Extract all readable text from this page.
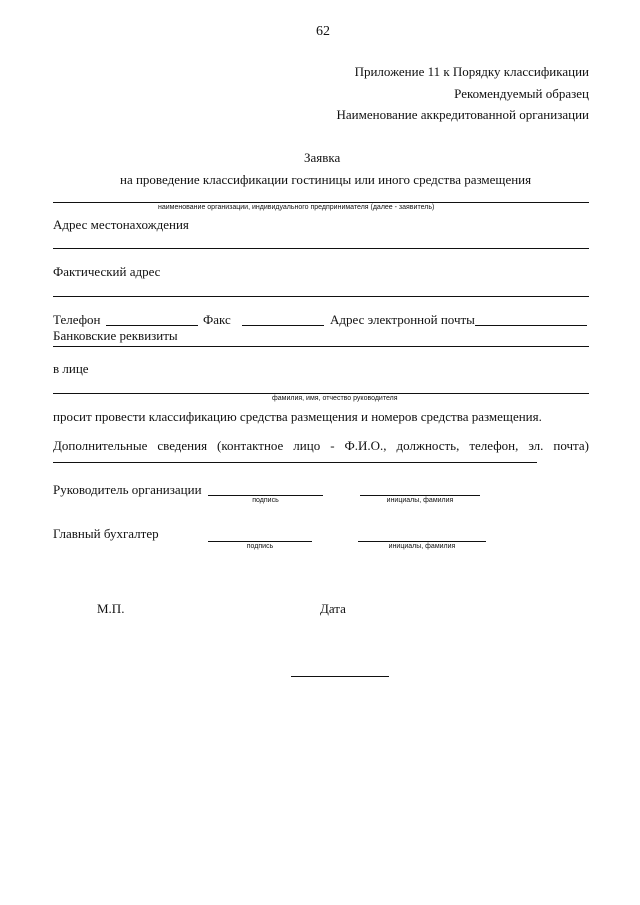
62
Приложение 11 к Порядку классификации
Рекомендуемый образец
Наименование аккредитованной организации
Заявка
на проведение классификации гостиницы или иного средства размещения
наименование организации, индивидуального предпринимателя (далее - заявитель)
Адрес местонахождения
Фактический адрес
Телефон	Факс	Адрес электронной почты
Банковские реквизиты
в лице
фамилия, имя, отчество руководителя
просит провести классификацию средства размещения и номеров средства размещения.
Дополнительные сведения (контактное лицо - Ф.И.О., должность, телефон, эл. почта)
Руководитель организации
подпись	инициалы, фамилия
Главный бухгалтер
подпись	инициалы, фамилия
М.П.	Дата
